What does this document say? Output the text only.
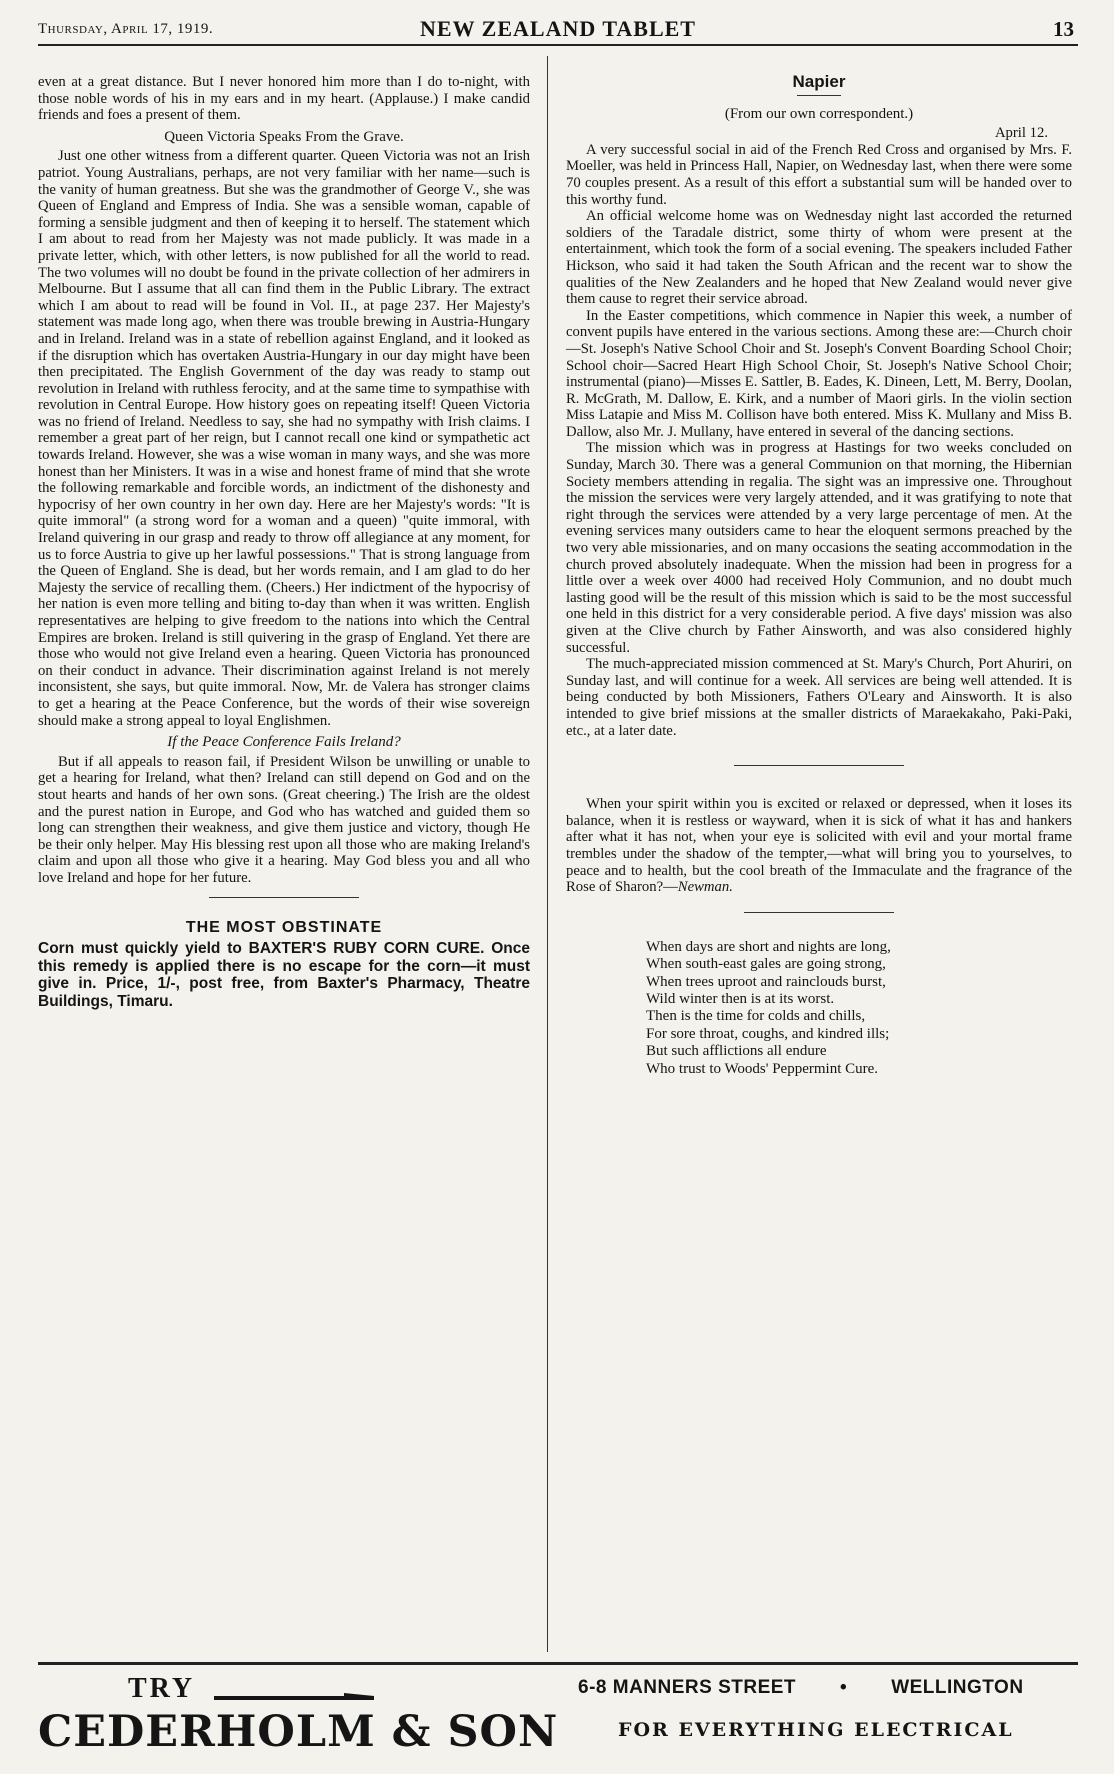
Thursday, April 17, 1919.	NEW ZEALAND TABLET	13

even at a great distance. But I never honored him more than I do to-night, with those noble words of his in my ears and in my heart. (Applause.) I make candid friends and foes a present of them.

Queen Victoria Speaks From the Grave.

Just one other witness from a different quarter. Queen Victoria was not an Irish patriot. Young Australians, perhaps, are not very familiar with her name—such is the vanity of human greatness. But she was the grandmother of George V., she was Queen of England and Empress of India. She was a sensible woman, capable of forming a sensible judgment and then of keeping it to herself. The statement which I am about to read from her Majesty was not made publicly. It was made in a private letter, which, with other letters, is now published for all the world to read. The two volumes will no doubt be found in the private collection of her admirers in Melbourne. But I assume that all can find them in the Public Library. The extract which I am about to read will be found in Vol. II., at page 237. Her Majesty's statement was made long ago, when there was trouble brewing in Austria-Hungary and in Ireland. Ireland was in a state of rebellion against England, and it looked as if the disruption which has overtaken Austria-Hungary in our day might have been then precipitated. The English Government of the day was ready to stamp out revolution in Ireland with ruthless ferocity, and at the same time to sympathise with revolution in Central Europe. How history goes on repeating itself! Queen Victoria was no friend of Ireland. Needless to say, she had no sympathy with Irish claims. I remember a great part of her reign, but I cannot recall one kind or sympathetic act towards Ireland. However, she was a wise woman in many ways, and she was more honest than her Ministers. It was in a wise and honest frame of mind that she wrote the following remarkable and forcible words, an indictment of the dishonesty and hypocrisy of her own country in her own day. Here are her Majesty's words: "It is quite immoral" (a strong word for a woman and a queen) "quite immoral, with Ireland quivering in our grasp and ready to throw off allegiance at any moment, for us to force Austria to give up her lawful possessions." That is strong language from the Queen of England. She is dead, but her words remain, and I am glad to do her Majesty the service of recalling them. (Cheers.) Her indictment of the hypocrisy of her nation is even more telling and biting to-day than when it was written. English representatives are helping to give freedom to the nations into which the Central Empires are broken. Ireland is still quivering in the grasp of England. Yet there are those who would not give Ireland even a hearing. Queen Victoria has pronounced on their conduct in advance. Their discrimination against Ireland is not merely inconsistent, she says, but quite immoral. Now, Mr. de Valera has stronger claims to get a hearing at the Peace Conference, but the words of their wise sovereign should make a strong appeal to loyal Englishmen.

If the Peace Conference Fails Ireland?

But if all appeals to reason fail, if President Wilson be unwilling or unable to get a hearing for Ireland, what then? Ireland can still depend on God and on the stout hearts and hands of her own sons. (Great cheering.) The Irish are the oldest and the purest nation in Europe, and God who has watched and guided them so long can strengthen their weakness, and give them justice and victory, though He be their only helper. May His blessing rest upon all those who are making Ireland's claim and upon all those who give it a hearing. May God bless you and all who love Ireland and hope for her future.

THE MOST OBSTINATE

Corn must quickly yield to BAXTER'S RUBY CORN CURE. Once this remedy is applied there is no escape for the corn—it must give in. Price, 1/-, post free, from Baxter's Pharmacy, Theatre Buildings, Timaru.

Napier
(From our own correspondent.)

April 12.

A very successful social in aid of the French Red Cross and organised by Mrs. F. Moeller, was held in Princess Hall, Napier, on Wednesday last, when there were some 70 couples present. As a result of this effort a substantial sum will be handed over to this worthy fund.

An official welcome home was on Wednesday night last accorded the returned soldiers of the Taradale district, some thirty of whom were present at the entertainment, which took the form of a social evening. The speakers included Father Hickson, who said it had taken the South African and the recent war to show the qualities of the New Zealanders and he hoped that New Zealand would never give them cause to regret their service abroad.

In the Easter competitions, which commence in Napier this week, a number of convent pupils have entered in the various sections. Among these are:—Church choir—St. Joseph's Native School Choir and St. Joseph's Convent Boarding School Choir; School choir—Sacred Heart High School Choir, St. Joseph's Native School Choir; instrumental (piano)—Misses E. Sattler, B. Eades, K. Dineen, Lett, M. Berry, Doolan, R. McGrath, M. Dallow, E. Kirk, and a number of Maori girls. In the violin section Miss Latapie and Miss M. Collison have both entered. Miss K. Mullany and Miss B. Dallow, also Mr. J. Mullany, have entered in several of the dancing sections.

The mission which was in progress at Hastings for two weeks concluded on Sunday, March 30. There was a general Communion on that morning, the Hibernian Society members attending in regalia. The sight was an impressive one. Throughout the mission the services were very largely attended, and it was gratifying to note that right through the services were attended by a very large percentage of men. At the evening services many outsiders came to hear the eloquent sermons preached by the two very able missionaries, and on many occasions the seating accommodation in the church proved absolutely inadequate. When the mission had been in progress for a little over a week over 4000 had received Holy Communion, and no doubt much lasting good will be the result of this mission which is said to be the most successful one held in this district for a very considerable period. A five days' mission was also given at the Clive church by Father Ainsworth, and was also considered highly successful.

The much-appreciated mission commenced at St. Mary's Church, Port Ahuriri, on Sunday last, and will continue for a week. All services are being well attended. It is being conducted by both Missioners, Fathers O'Leary and Ainsworth. It is also intended to give brief missions at the smaller districts of Maraekakaho, Paki-Paki, etc., at a later date.

When your spirit within you is excited or relaxed or depressed, when it loses its balance, when it is restless or wayward, when it is sick of what it has and hankers after what it has not, when your eye is solicited with evil and your mortal frame trembles under the shadow of the tempter,—what will bring you to yourselves, to peace and to health, but the cool breath of the Immaculate and the fragrance of the Rose of Sharon?—Newman.

When days are short and nights are long,
When south-east gales are going strong,
When trees uproot and rainclouds burst,
Wild winter then is at its worst.
Then is the time for colds and chills,
For sore throat, coughs, and kindred ills;
But such afflictions all endure
Who trust to Woods' Peppermint Cure.
TRY
CEDERHOLM & SON
6-8 MANNERS STREET • WELLINGTON
FOR EVERYTHING ELECTRICAL
